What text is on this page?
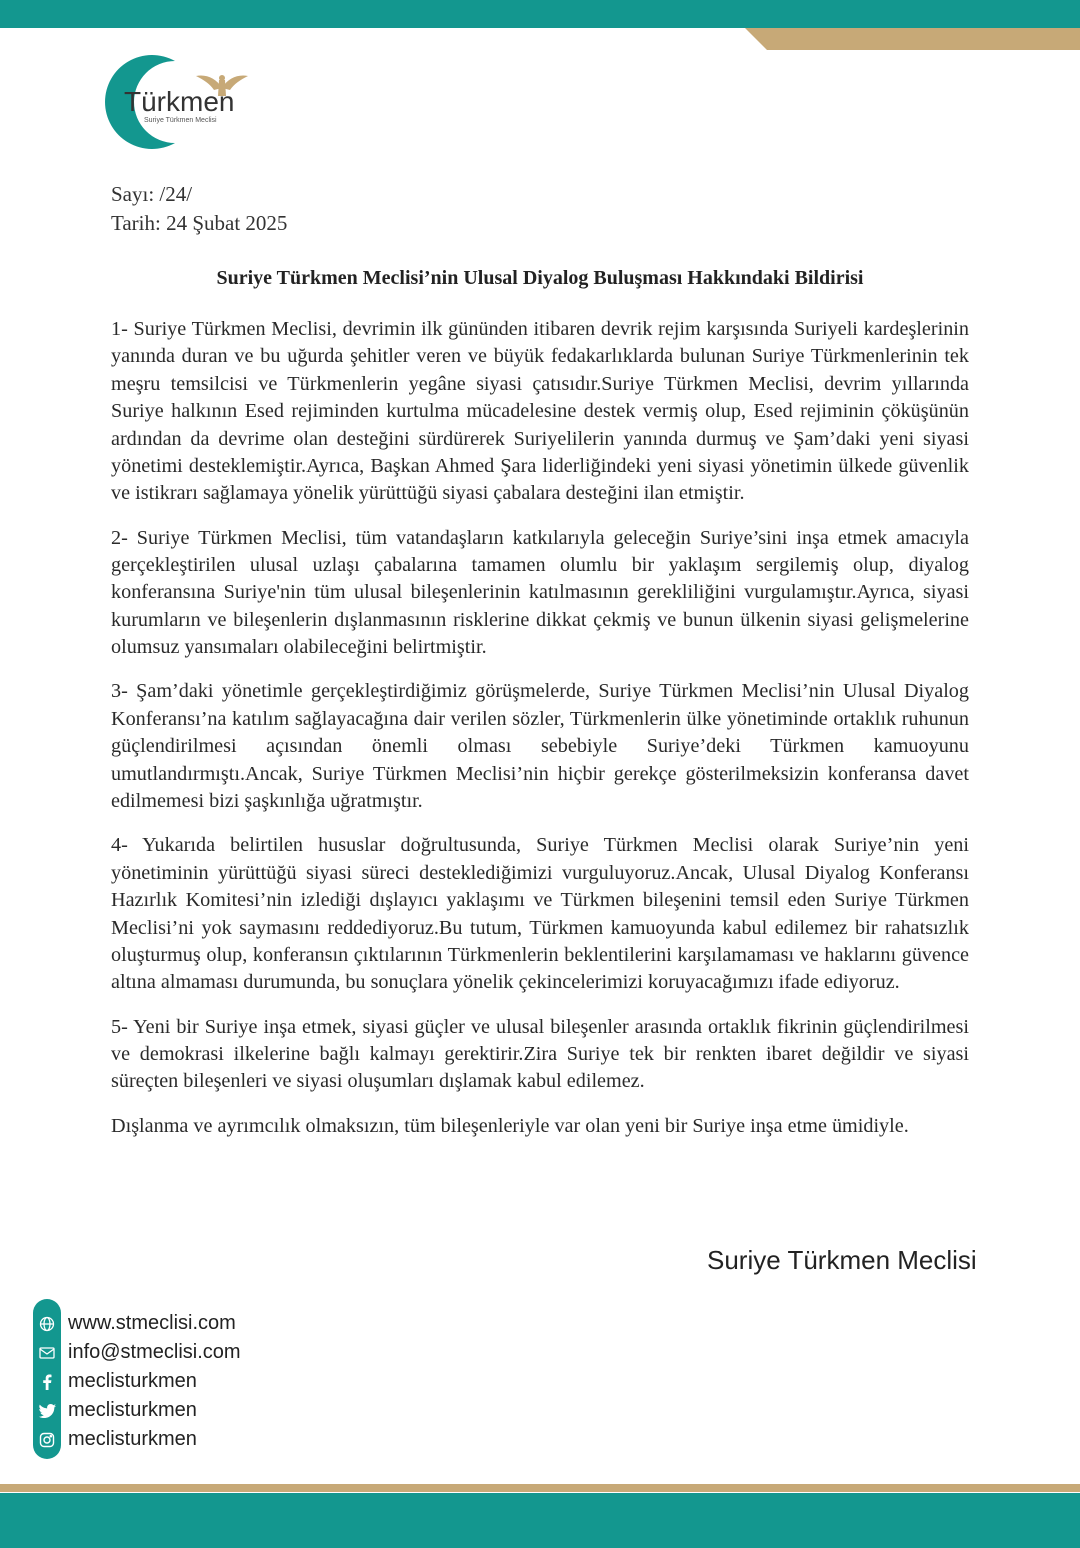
Türkmen
Suriye Türkmen Meclisi
Sayı: /24/
Tarih: 24 Şubat 2025
Suriye Türkmen Meclisi’nin Ulusal Diyalog Buluşması Hakkındaki Bildirisi

1- Suriye Türkmen Meclisi, devrimin ilk gününden itibaren devrik rejim karşısında Suriyeli kardeşlerinin yanında duran ve bu uğurda şehitler veren ve büyük fedakarlıklarda bulunan Suriye Türkmenlerinin tek meşru temsilcisi ve Türkmenlerin yegâne siyasi çatısıdır.Suriye Türkmen Meclisi, devrim yıllarında Suriye halkının Esed rejiminden kurtulma mücadelesine destek vermiş olup, Esed rejiminin çöküşünün ardından da devrime olan desteğini sürdürerek Suriyelilerin yanında durmuş ve Şam’daki yeni siyasi yönetimi desteklemiştir.Ayrıca, Başkan Ahmed Şara liderliğindeki yeni siyasi yönetimin ülkede güvenlik ve istikrarı sağlamaya yönelik yürüttüğü siyasi çabalara desteğini ilan etmiştir.

2- Suriye Türkmen Meclisi, tüm vatandaşların katkılarıyla geleceğin Suriye’sini inşa etmek amacıyla gerçekleştirilen ulusal uzlaşı çabalarına tamamen olumlu bir yaklaşım sergilemiş olup, diyalog konferansına Suriye'nin tüm ulusal bileşenlerinin katılmasının gerekliliğini vurgulamıştır.Ayrıca, siyasi kurumların ve bileşenlerin dışlanmasının risklerine dikkat çekmiş ve bunun ülkenin siyasi gelişmelerine olumsuz yansımaları olabileceğini belirtmiştir.

3- Şam’daki yönetimle gerçekleştirdiğimiz görüşmelerde, Suriye Türkmen Meclisi’nin Ulusal Diyalog Konferansı’na katılım sağlayacağına dair verilen sözler, Türkmenlerin ülke yönetiminde ortaklık ruhunun güçlendirilmesi açısından önemli olması sebebiyle Suriye’deki Türkmen kamuoyunu umutlandırmıştı.Ancak, Suriye Türkmen Meclisi’nin hiçbir gerekçe gösterilmeksizin konferansa davet edilmemesi bizi şaşkınlığa uğratmıştır.

4- Yukarıda belirtilen hususlar doğrultusunda, Suriye Türkmen Meclisi olarak Suriye’nin yeni yönetiminin yürüttüğü siyasi süreci desteklediğimizi vurguluyoruz.Ancak, Ulusal Diyalog Konferansı Hazırlık Komitesi’nin izlediği dışlayıcı yaklaşımı ve Türkmen bileşenini temsil eden Suriye Türkmen Meclisi’ni yok saymasını reddediyoruz.Bu tutum, Türkmen kamuoyunda kabul edilemez bir rahatsızlık oluşturmuş olup, konferansın çıktılarının Türkmenlerin beklentilerini karşılamaması ve haklarını güvence altına almaması durumunda, bu sonuçlara yönelik çekincelerimizi koruyacağımızı ifade ediyoruz.

5- Yeni bir Suriye inşa etmek, siyasi güçler ve ulusal bileşenler arasında ortaklık fikrinin güçlendirilmesi ve demokrasi ilkelerine bağlı kalmayı gerektirir.Zira Suriye tek bir renkten ibaret değildir ve siyasi süreçten bileşenleri ve siyasi oluşumları dışlamak kabul edilemez.

Dışlanma ve ayrımcılık olmaksızın, tüm bileşenleriyle var olan yeni bir Suriye inşa etme ümidiyle.

Suriye Türkmen Meclisi
www.stmeclisi.com
info@stmeclisi.com
meclisturkmen
meclisturkmen
meclisturkmen
